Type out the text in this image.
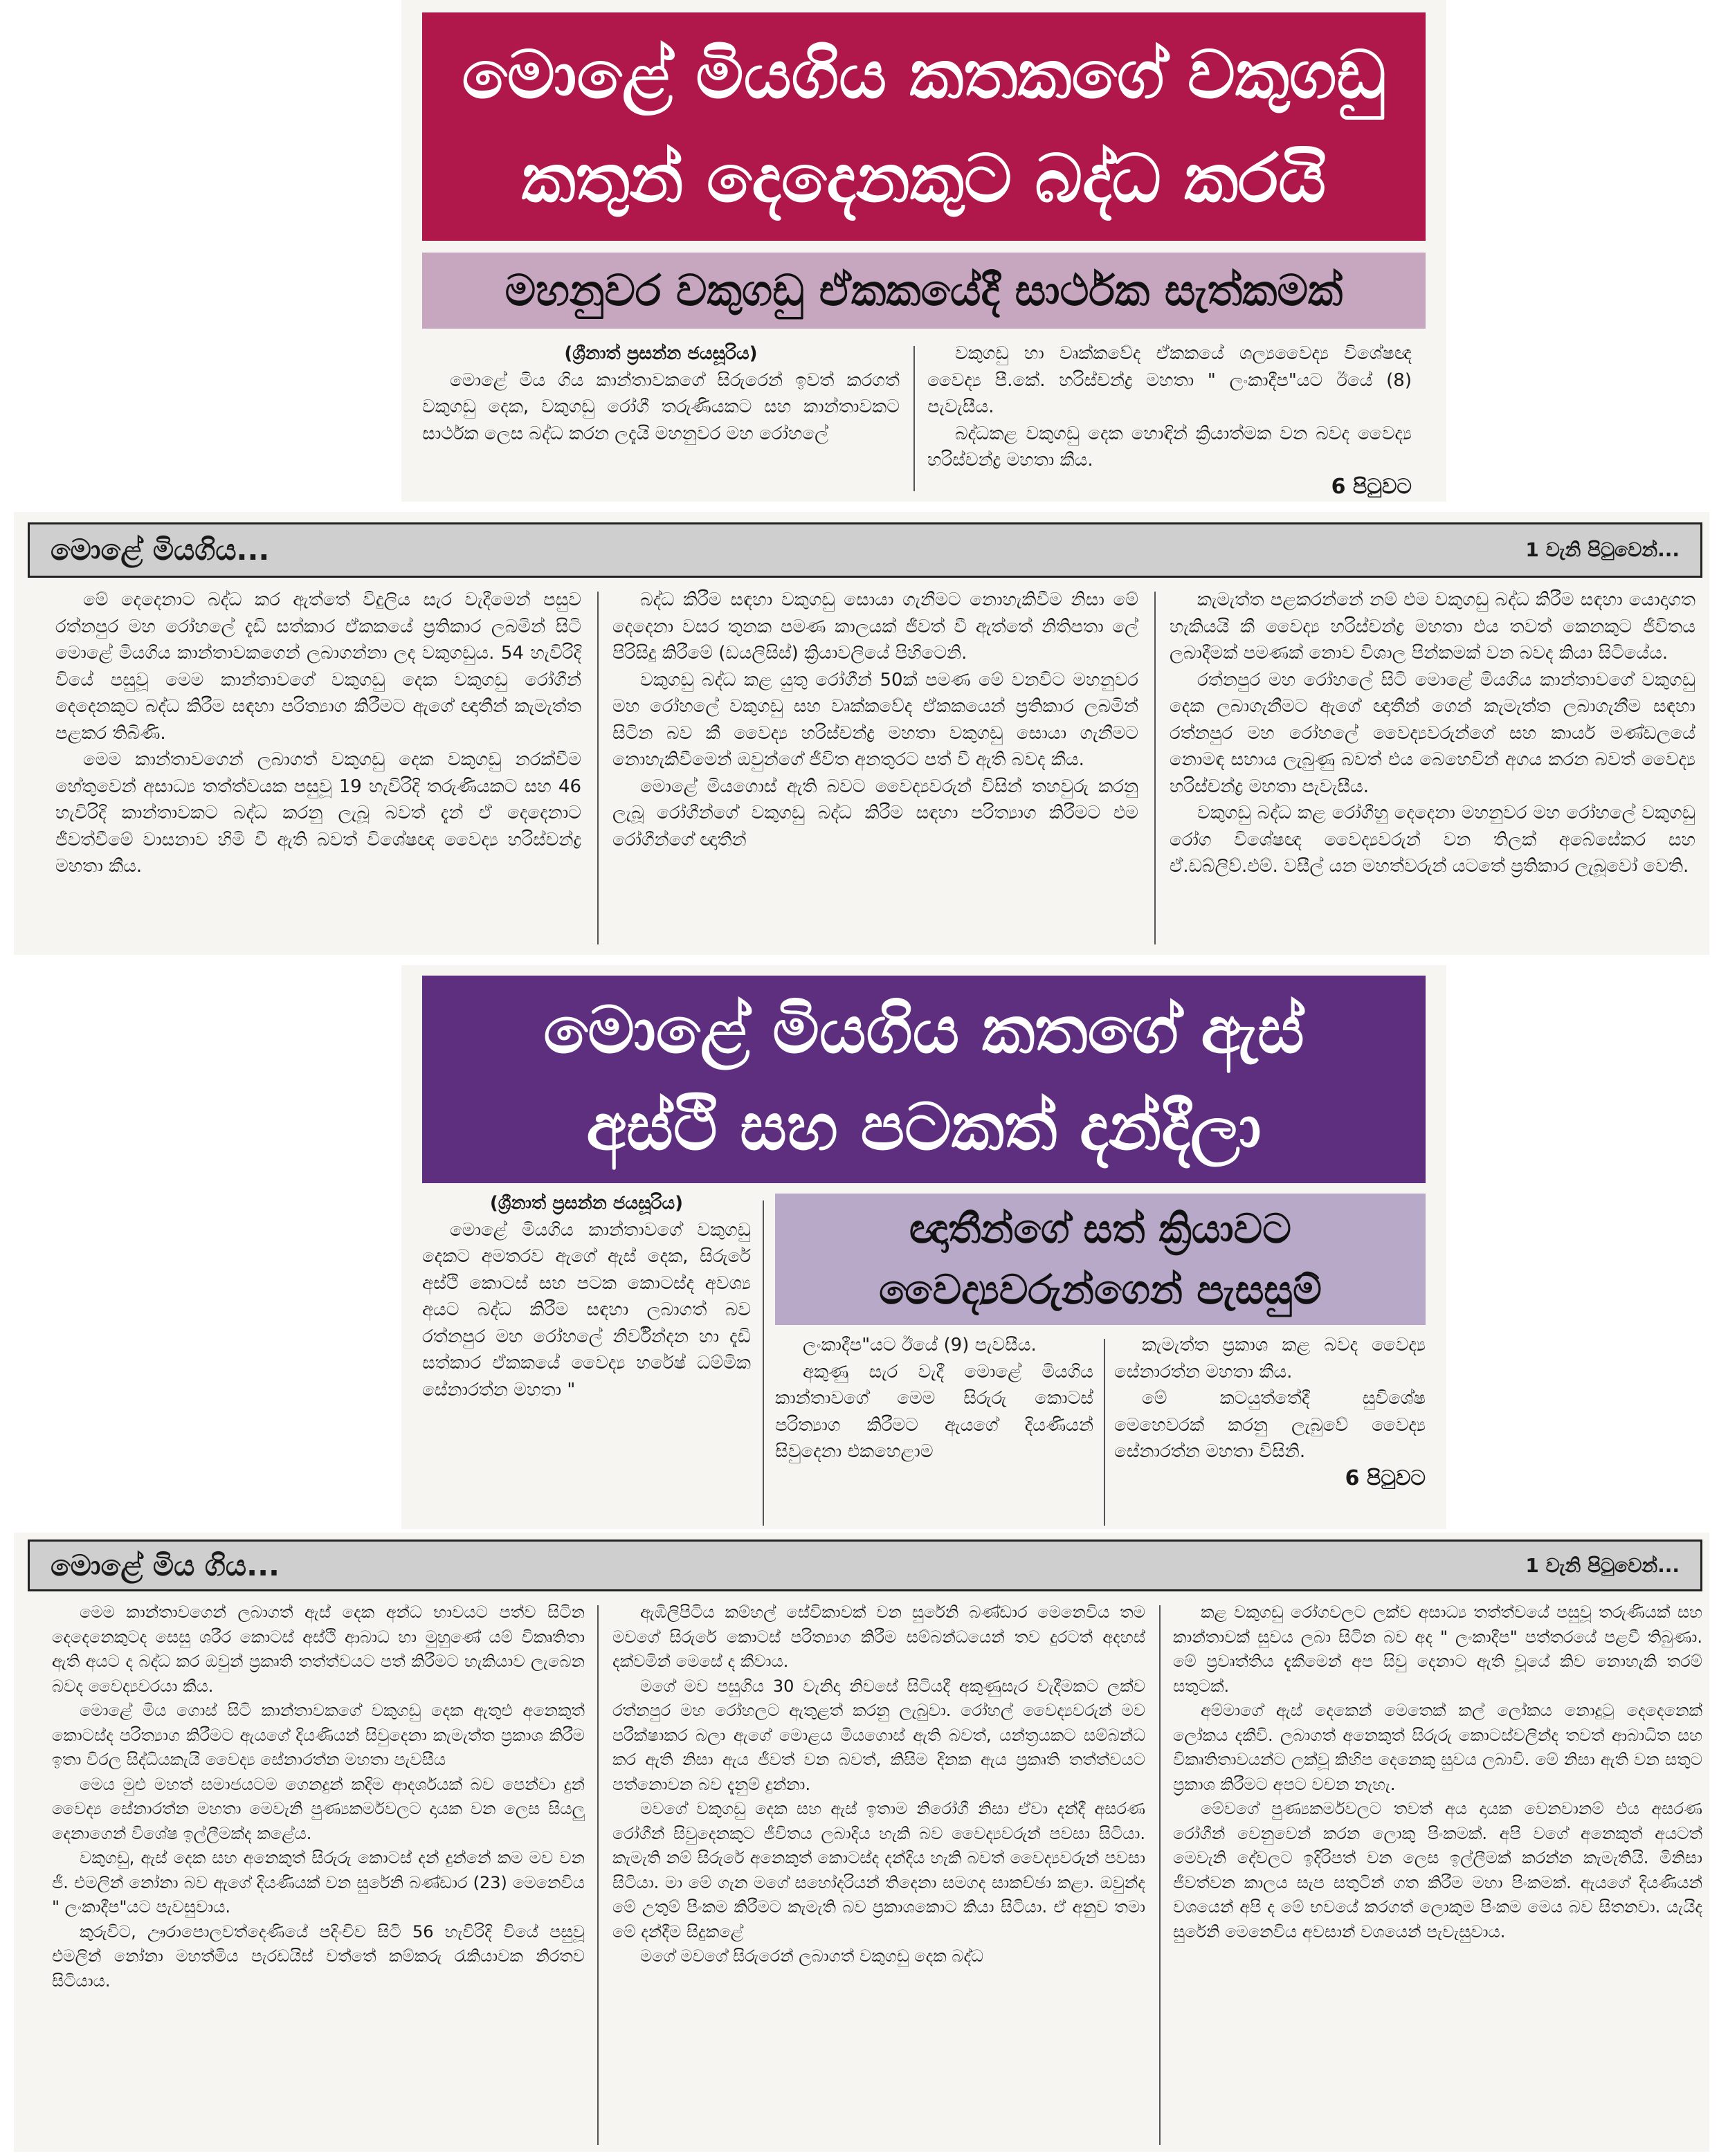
මොළේ මියගිය කතකගේ වකුගඩු
කතුන් දෙදෙනකුට බද්ධ කරයි
මහනුවර වකුගඩු ඒකකයේදී සාර්ථක සැත්කමක්

(ශ්‍රීනාත් ප්‍රසන්න ජයසූරිය)

මොළේ මිය ගිය කාන්තාවකගේ සිරුරෙන් ඉවත් කරගත් වකුගඩු දෙක, වකුගඩු රෝගී තරුණියකට සහ කාන්තාවකට සාර්ථක ලෙස බද්ධ කරන ලදැයි මහනුවර මහ රෝහලේ

වකුගඩු හා වෘක්කවේද ඒකකයේ ශල්‍යවෛද්‍ය විශේෂඥ වෛද්‍ය පී.කේ. හරිස්චන්ද්‍ර මහතා " ලංකාදීප"යට ඊයේ (8) පැවැසීය.

බද්ධකළ වකුගඩු දෙක හොඳින් ක්‍රියාත්මක වන බවද වෛද්‍ය හරිස්චන්ද්‍ර මහතා කීය.

6 පිටුවට
මොළේ මියගිය...	1 වැනි පිටුවෙන්...

මේ දෙදෙනාට බද්ධ කර ඇත්තේ විදුලිය සැර වැදීමෙන් පසුව රත්නපුර මහ රෝහලේ දැඩි සත්කාර ඒකකයේ ප්‍රතිකාර ලබමින් සිටි මොළේ මියගිය කාන්තාවකගෙන් ලබාගන්නා ලද වකුගඩුය. 54 හැවිරිදි වියේ පසුවූ මෙම කාන්තාවගේ වකුගඩු දෙක වකුගඩු රෝගීන් දෙදෙනකුට බද්ධ කිරීම සඳහා පරිත්‍යාග කිරීමට ඇගේ ඥාතීන් කැමැත්ත පළකර තිබිණි.

මෙම කාන්තාවගෙන් ලබාගත් වකුගඩු දෙක වකුගඩු නරක්වීම හේතුවෙන් අසාධ්‍ය තත්ත්වයක පසුවූ 19 හැවිරිදි තරුණියකට සහ 46 හැවිරිදි කාන්තාවකට බද්ධ කරනු ලැබූ බවත් දැන් ඒ දෙදෙනාට ජීවත්වීමේ වාසනාව හිමි වී ඇති බවත් විශේෂඥ වෛද්‍ය හරිස්චන්ද්‍ර මහතා කීය.

බද්ධ කිරීම සඳහා වකුගඩු සොයා ගැනීමට නොහැකිවීම නිසා මේ දෙදෙනා වසර තුනක පමණ කාලයක් ජීවත් වී ඇත්තේ නිතිපතා ලේ පිරිසිදු කිරීමේ (ඩයලිසිස්) ක්‍රියාවලියේ පිහිටෙනි.

වකුගඩු බද්ධ කළ යුතු රෝගීන් 50ක් පමණ මේ වනවිට මහනුවර මහ රෝහලේ වකුගඩු සහ වෘක්කවේද ඒකකයෙන් ප්‍රතිකාර ලබමින් සිටින බව කී වෛද්‍ය හරිස්චන්ද්‍ර මහතා වකුගඩු සොයා ගැනීමට නොහැකිවීමෙන් ඔවුන්ගේ ජීවිත අනතුරට පත් වී ඇති බවද කීය.

මොළේ මියගොස් ඇති බවට වෛද්‍යවරුන් විසින් තහවුරු කරනු ලැබූ රෝගීන්ගේ වකුගඩු බද්ධ කිරීම සඳහා පරිත්‍යාග කිරීමට එම රෝගීන්ගේ ඥාතීන්

කැමැත්ත පළකරන්නේ නම් එම වකුගඩු බද්ධ කිරීම සඳහා යොදාගත හැකියයි කී වෛද්‍ය හරිස්චන්ද්‍ර මහතා එය තවත් කෙනකුට ජීවිතය ලබාදීමක් පමණක් නොව විශාල පින්කමක් වන බවද කියා සිටියේය.

රත්නපුර මහ රෝහලේ සිටි මොළේ මියගිය කාන්තාවගේ වකුගඩු දෙක ලබාගැනීමට ඇගේ ඥාතීන් ගෙන් කැමැත්ත ලබාගැනීම සඳහා රත්නපුර මහ රෝහලේ වෛද්‍යවරුන්ගේ සහ කාර්ය මණ්ඩලයේ නොමඳ සහාය ලැබුණු බවත් එය බෙහෙවින් අගය කරන බවත් වෛද්‍ය හරිස්චන්ද්‍ර මහතා පැවැසීය.

වකුගඩු බද්ධ කළ රෝගීහු දෙදෙනා මහනුවර මහ රෝහලේ වකුගඩු රෝග විශේෂඥ වෛද්‍යවරුන් වන තිලක් අබේසේකර සහ ඒ.ඩබ්ලිව්.එම්. වසීල් යන මහත්වරුන් යටතේ ප්‍රතිකාර ලැබූවෝ වෙති.

මොළේ මියගිය කතගේ ඇස්
අස්ථි සහ පටකත් දන්දීලා

(ශ්‍රීනාත් ප්‍රසන්න ජයසූරිය)

මොළේ මියගිය කාන්තාවගේ වකුගඩු දෙකට අමතරව ඇගේ ඇස් දෙක, සිරුරේ අස්ථි කොටස් සහ පටක කොටස්ද අවශ්‍ය අයට බද්ධ කිරීම සඳහා ලබාගත් බව රත්නපුර මහ රෝහලේ නිර්වින්දන හා දැඩි සත්කාර ඒකකයේ වෛද්‍ය හරේෂ් ධම්මික සේනාරත්න මහතා "

ඥාතීන්ගේ සත් ක්‍රියාවට
වෛද්‍යවරුන්ගෙන් පැසසුම්

ලංකාදීප"යට ඊයේ (9) පැවසීය.

අකුණු සැර වැදී මොළේ මියගිය කාන්තාවගේ මෙම සිරුරු කොටස් පරිත්‍යාග කිරීමට ඇයගේ දියණියන් සිවුදෙනා එකහෙළාම

කැමැත්ත ප්‍රකාශ කළ බවද වෛද්‍ය සේනාරත්න මහතා කීය.

මේ කටයුත්තේදී සුවිශේෂ මෙහෙවරක් කරනු ලැබුවේ වෛද්‍ය සේනාරත්න මහතා විසිනි.

6 පිටුවට
මොළේ මිය ගිය...	1 වැනි පිටුවෙන්...

මෙම කාන්තාවගෙන් ලබාගත් ඇස් දෙක අන්ධ භාවයට පත්ව සිටින දෙදෙනෙකුටද සෙසු ශරීර කොටස් අස්ථි ආබාධ හා මුහුණේ යම් විකෘතිතා ඇති අයට ද බද්ධ කර ඔවුන් ප්‍රකෘති තත්ත්වයට පත් කිරීමට හැකියාව ලැබෙන බවද වෛද්‍යවරයා කීය.

මොළේ මිය ගොස් සිටි කාන්තාවකගේ වකුගඩු දෙක ඇතුළු අනෙකුත් කොටස්ද පරිත්‍යාග කිරීමට ඇයගේ දියණියන් සිවුදෙනා කැමැත්ත ප්‍රකාශ කිරීම ඉතා විරල සිද්ධියකැයි වෛද්‍ය සේනාරත්න මහතා පැවසීය

මෙය මුළු මහත් සමාජයටම ගෙනදුන් කදිම ආදර්ශයක් බව පෙන්වා දුන් වෛද්‍ය සේනාරත්න මහතා මෙවැනි පුණ්‍යකර්මවලට දායක වන ලෙස සියලු දෙනාගෙන් විශේෂ ඉල්ලීමක්ද කළේය.

වකුගඩු, ඇස් දෙක සහ අනෙකුත් සිරුරු කොටස් දන් දුන්නේ කම මව වන ජී. එමලින් නෝනා බව ඇගේ දියණියක් වන සුරේනි බණ්ඩාර (23) මෙනෙවිය " ලංකාදීප"යට පැවසුවාය.

කුරුවිට, ඌරාපොලවත්දෙණියේ පදිංචිව සිටි 56 හැවිරිදි වියේ පසුවූ එමලින් නෝනා මහත්මිය පැරඩයිස් වත්තේ කම්කරු රැකියාවක නිරතව සිටියාය.

ඇඹිලිපිටිය කම්හල් සේවිකාවක් වන සුරේනි බණ්ඩාර මෙනෙවිය තම මවගේ සිරුරේ කොටස් පරිත්‍යාග කිරීම සම්බන්ධයෙන් තව දුරටත් අදහස් දක්වමින් මෙසේ ද කීවාය.

මගේ මව පසුගිය 30 වැනිදා නිවසේ සිටියදී අකුණුසැර වැදීමකට ලක්ව රත්නපුර මහ රෝහලට ඇතුළත් කරනු ලැබුවා. රෝහල් වෛද්‍යවරුන් මව පරීක්ෂාකර බලා ඇගේ මොළය මියගොස් ඇති බවත්, යන්ත්‍රයකට සම්බන්ධ කර ඇති නිසා ඇය ජීවත් වන බවත්, කිසිම දිනක ඇය ප්‍රකෘති තත්ත්වයට පත්නොවන බව දැනුම් දුන්නා.

මවගේ වකුගඩු දෙක සහ ඇස් ඉතාම නිරෝගී නිසා ඒවා දන්දී අසරණ රෝගීන් සිවුදෙනකුට ජීවිතය ලබාදිය හැකි බව වෛද්‍යවරුන් පවසා සිටියා. කැමැති නම් සිරුරේ අනෙකුත් කොටස්ද දන්දිය හැකි බවත් වෛද්‍යවරුන් පවසා සිටියා. මා මේ ගැන මගේ සහෝදරියන් තිදෙනා සමගද සාකච්ඡා කළා. ඔවුන්ද මේ උතුම් පිංකම කිරීමට කැමැති බව ප්‍රකාශකොට කියා සිටියා. ඒ අනුව තමා මේ දන්දීම සිදුකළේ

මගේ මවගේ සිරුරෙන් ලබාගත් වකුගඩු දෙක බද්ධ

කළ වකුගඩු රෝගවලට ලක්ව අසාධ්‍ය තත්ත්වයේ පසුවූ තරුණියක් සහ කාන්තාවක් සුවය ලබා සිටින බව අද " ලංකාදීප" පත්තරයේ පළවී තිබුණා. මේ ප්‍රවෘත්තිය දැකීමෙන් අප සිවු දෙනාට ඇති වූයේ කිව නොහැකි තරම් සතුටක්.

අම්මාගේ ඇස් දෙකෙන් මෙතෙක් කල් ලෝකය නොදුටු දෙදෙනෙක් ලෝකය දකීවි. ලබාගත් අනෙකුත් සිරුරු කොටස්වලින්ද තවත් ආබාධිත සහ විකෘතිතාවයන්ට ලක්වූ කිහිප දෙනෙකු සුවය ලබාවි. මේ නිසා ඇති වන සතුට ප්‍රකාශ කිරීමට අපට වචන නැහැ.

මේවගේ පුණ්‍යකර්මවලට තවත් අය දායක වෙනවානම් එය අසරණ රෝගීන් වෙනුවෙන් කරන ලොකු පිංකමක්. අපි වගේ අනෙකුත් අයටත් මෙවැනි දේවලට ඉදිරිපත් වන ලෙස ඉල්ලීමක් කරන්න කැමැතියි. මිනිසා ජීවත්වන කාලය සැප සතුටින් ගත කිරීම මහා පිංකමක්. ඇයගේ දියණියන් වශයෙන් අපි ද මේ භවයේ කරගත් ලොකුම පිංකම මෙය බව සිතනවා. යැයිද සුරේනි මෙනෙවිය අවසාන් වශයෙන් පැවැසුවාය.
